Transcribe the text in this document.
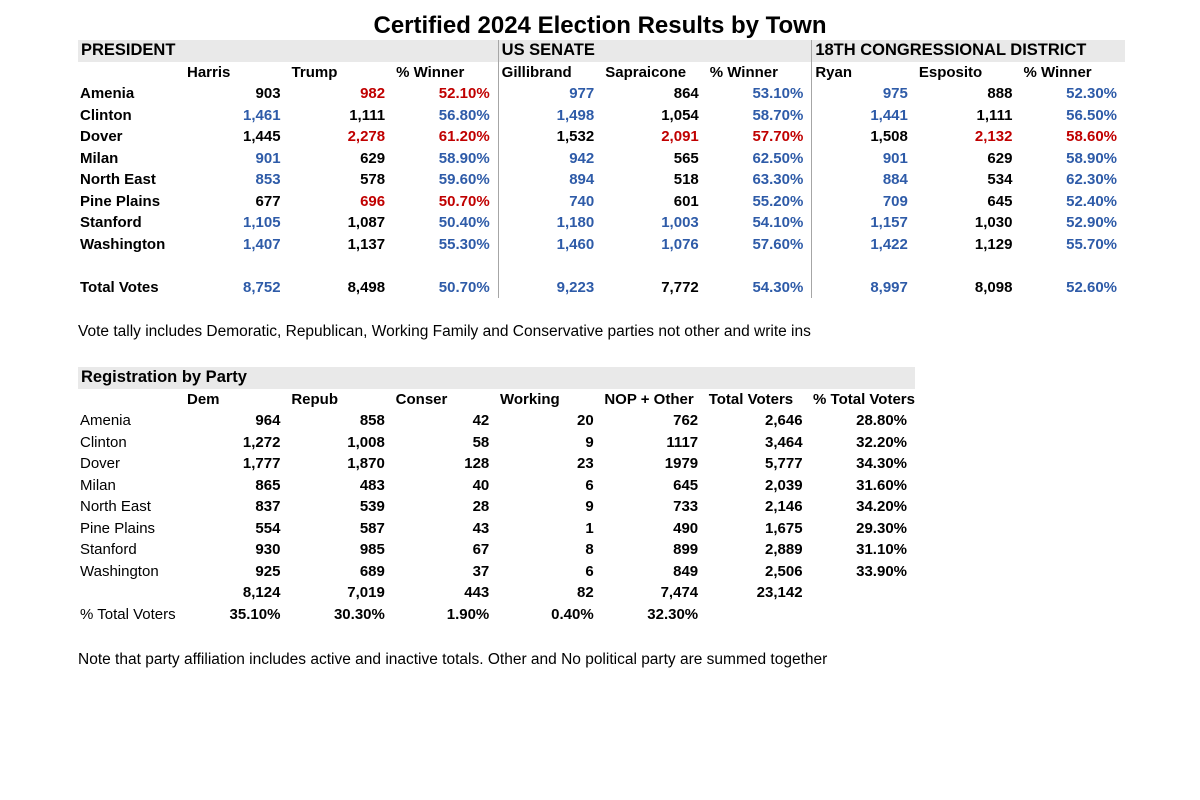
Certified 2024 Election Results by Town
PRESIDENT	US SENATE	18TH CONGRESSIONAL DISTRICT
Harris	Trump	% Winner	Gillibrand	Sapraicone	% Winner	Ryan	Esposito	% Winner
Amenia	903	982	52.10%	977	864	53.10%	975	888	52.30%
Clinton	1,461	1,111	56.80%	1,498	1,054	58.70%	1,441	1,111	56.50%
Dover	1,445	2,278	61.20%	1,532	2,091	57.70%	1,508	2,132	58.60%
Milan	901	629	58.90%	942	565	62.50%	901	629	58.90%
North East	853	578	59.60%	894	518	63.30%	884	534	62.30%
Pine Plains	677	696	50.70%	740	601	55.20%	709	645	52.40%
Stanford	1,105	1,087	50.40%	1,180	1,003	54.10%	1,157	1,030	52.90%
Washington	1,407	1,137	55.30%	1,460	1,076	57.60%	1,422	1,129	55.70%
Total Votes	8,752	8,498	50.70%	9,223	7,772	54.30%	8,997	8,098	52.60%
Vote tally includes Demoratic, Republican, Working Family and Conservative parties not other and write ins
Registration by Party
Dem	Repub	Conser	Working	NOP + Other	Total Voters	% Total Voters
Amenia	964	858	42	20	762	2,646	28.80%
Clinton	1,272	1,008	58	9	1117	3,464	32.20%
Dover	1,777	1,870	128	23	1979	5,777	34.30%
Milan	865	483	40	6	645	2,039	31.60%
North East	837	539	28	9	733	2,146	34.20%
Pine Plains	554	587	43	1	490	1,675	29.30%
Stanford	930	985	67	8	899	2,889	31.10%
Washington	925	689	37	6	849	2,506	33.90%
8,124	7,019	443	82	7,474	23,142
% Total Voters	35.10%	30.30%	1.90%	0.40%	32.30%
Note that party affiliation includes active and inactive totals. Other and No political party are summed together
